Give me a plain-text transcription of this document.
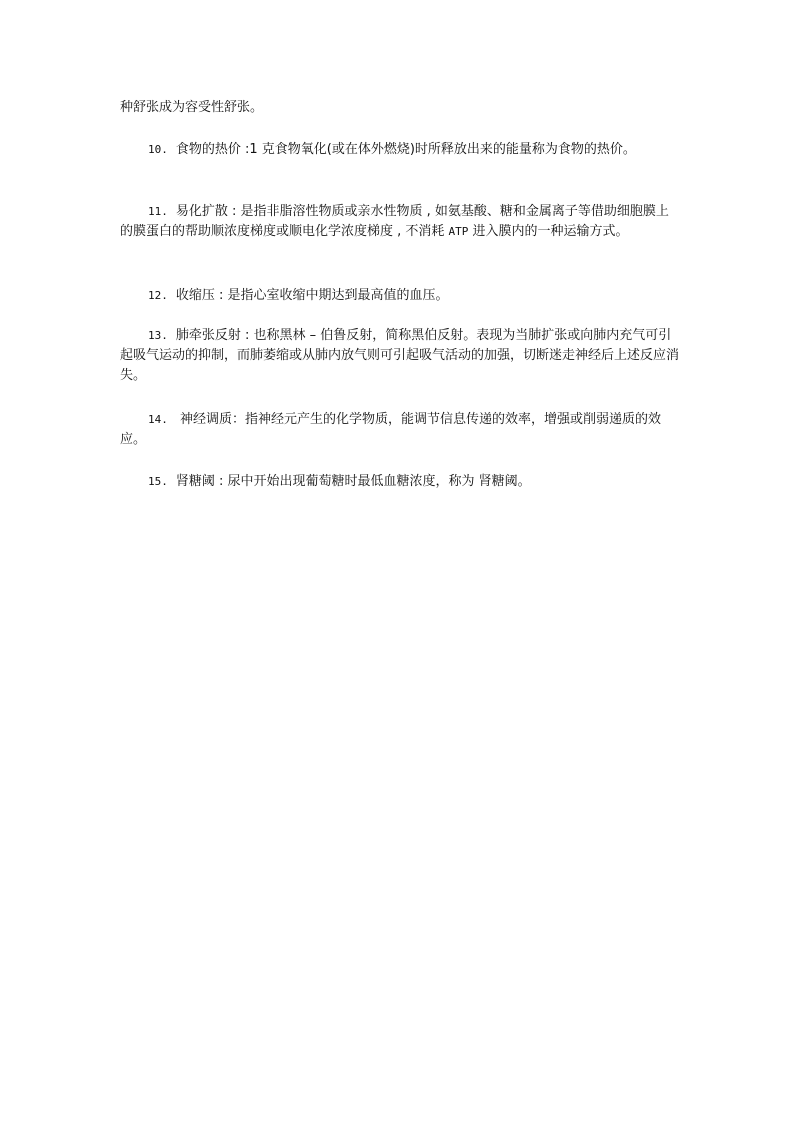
种舒张成为容受性舒张。

10. 食物的热价 :1 克食物氧化(或在体外燃烧)时所释放出来的能量称为食物的热价。

11. 易化扩散 : 是指非脂溶性物质或亲水性物质 , 如氨基酸、糖和金属离子等借助细胞膜上的膜蛋白的帮助顺浓度梯度或顺电化学浓度梯度 , 不消耗 ATP 进入膜内的一种运输方式。

12. 收缩压 : 是指心室收缩中期达到最高值的血压。

13. 肺牵张反射 : 也称黑林 – 伯鲁反射，简称黑伯反射。表现为当肺扩张或向肺内充气可引起吸气运动的抑制，而肺萎缩或从肺内放气则可引起吸气活动的加强，切断迷走神经后上述反应消失。

14. 神经调质：指神经元产生的化学物质，能调节信息传递的效率，增强或削弱递质的效应。

15. 肾糖阈 : 尿中开始出现葡萄糖时最低血糖浓度，称为 肾糖阈。
